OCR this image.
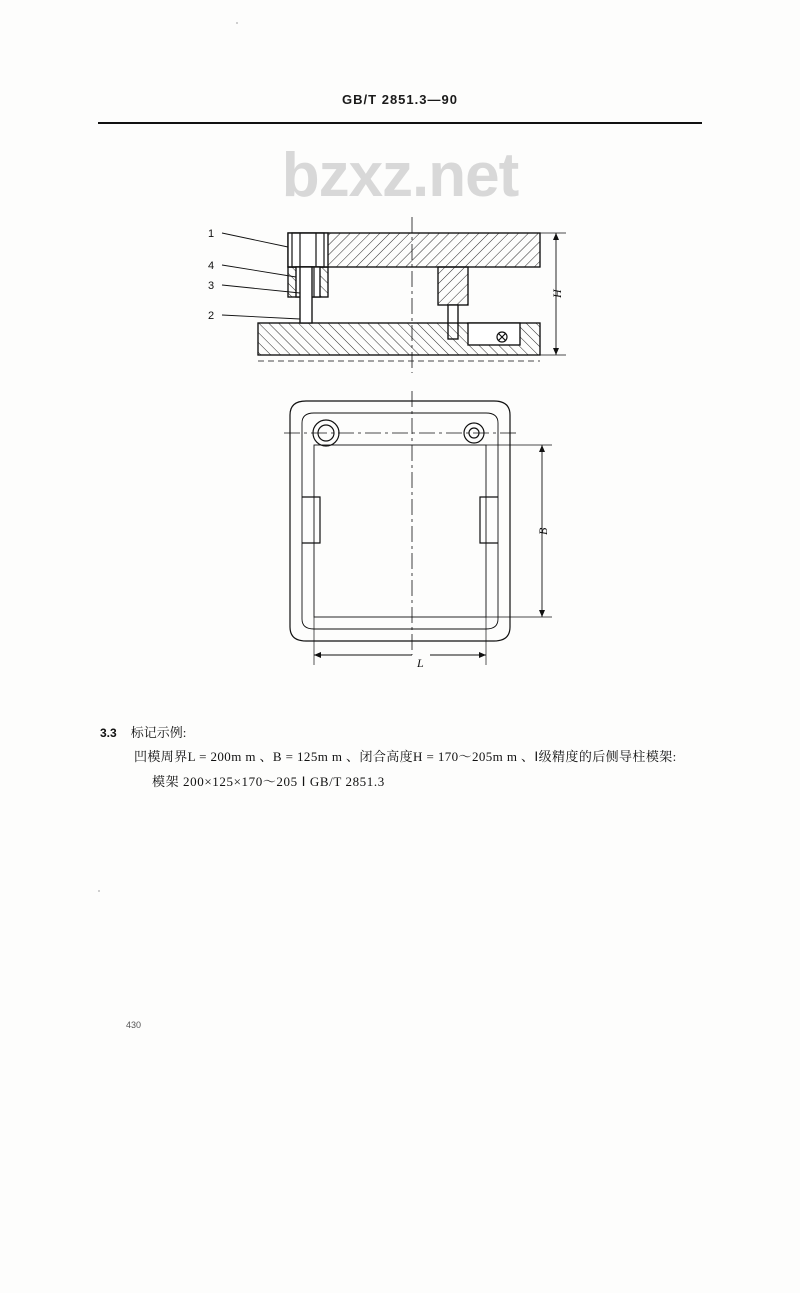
GB/T 2851.3—90
bzxz.net
1
4
3
2
H
B
L
3.3 标记示例:
凹模周界L = 200m m 、B = 125m m 、闭合高度H = 170～205m m 、Ⅰ级精度的后侧导柱模架:
模架 200×125×170～205 Ⅰ GB/T 2851.3
430
